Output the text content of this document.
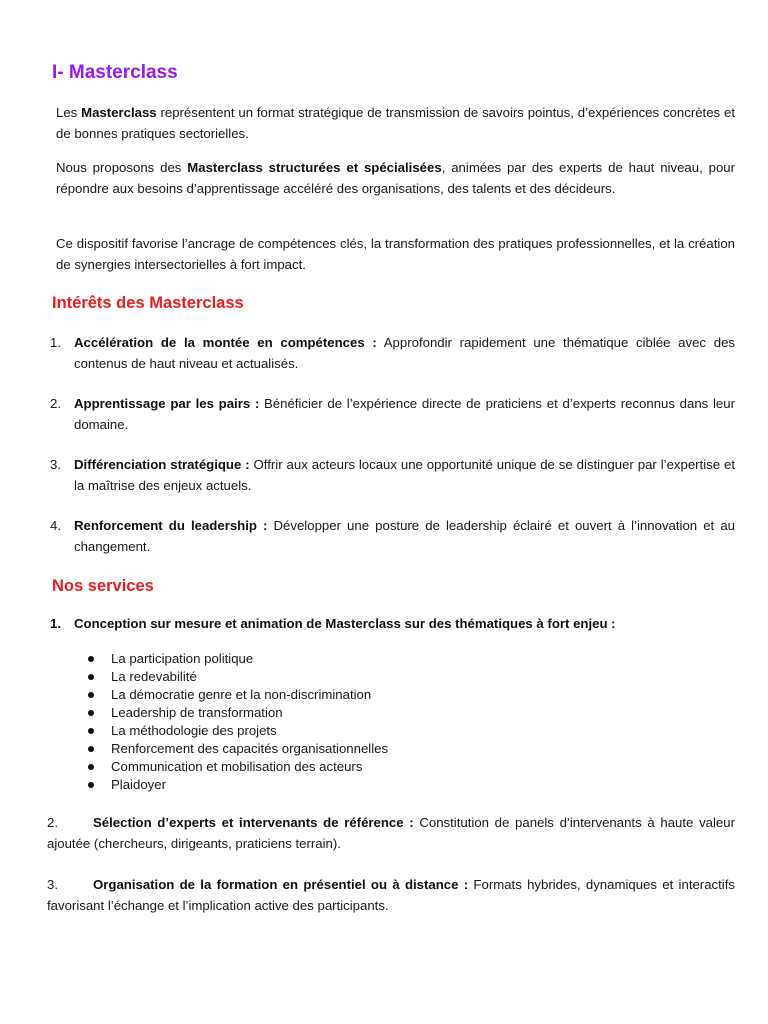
I- Masterclass

Les Masterclass représentent un format stratégique de transmission de savoirs pointus, d’expériences concrètes et de bonnes pratiques sectorielles.

Nous proposons des Masterclass structurées et spécialisées, animées par des experts de haut niveau, pour répondre aux besoins d’apprentissage accéléré des organisations, des talents et des décideurs.

Ce dispositif favorise l’ancrage de compétences clés, la transformation des pratiques professionnelles, et la création de synergies intersectorielles à fort impact.

Intérêts des Masterclass
1. Accélération de la montée en compétences : Approfondir rapidement une thématique ciblée avec des contenus de haut niveau et actualisés.
2. Apprentissage par les pairs : Bénéficier de l’expérience directe de praticiens et d’experts reconnus dans leur domaine.
3. Différenciation stratégique : Offrir aux acteurs locaux une opportunité unique de se distinguer par l’expertise et la maîtrise des enjeux actuels.
4. Renforcement du leadership : Développer une posture de leadership éclairé et ouvert à l’innovation et au changement.
Nos services
1. Conception sur mesure et animation de Masterclass sur des thématiques à fort enjeu :
La participation politique
La redevabilité
La démocratie genre et la non-discrimination
Leadership de transformation
La méthodologie des projets
Renforcement des capacités organisationnelles
Communication et mobilisation des acteurs
Plaidoyer
2.	Sélection d’experts et intervenants de référence : Constitution de panels d’intervenants à haute valeur ajoutée (chercheurs, dirigeants, praticiens terrain).
3.	Organisation de la formation en présentiel ou à distance : Formats hybrides, dynamiques et interactifs favorisant l’échange et l’implication active des participants.
